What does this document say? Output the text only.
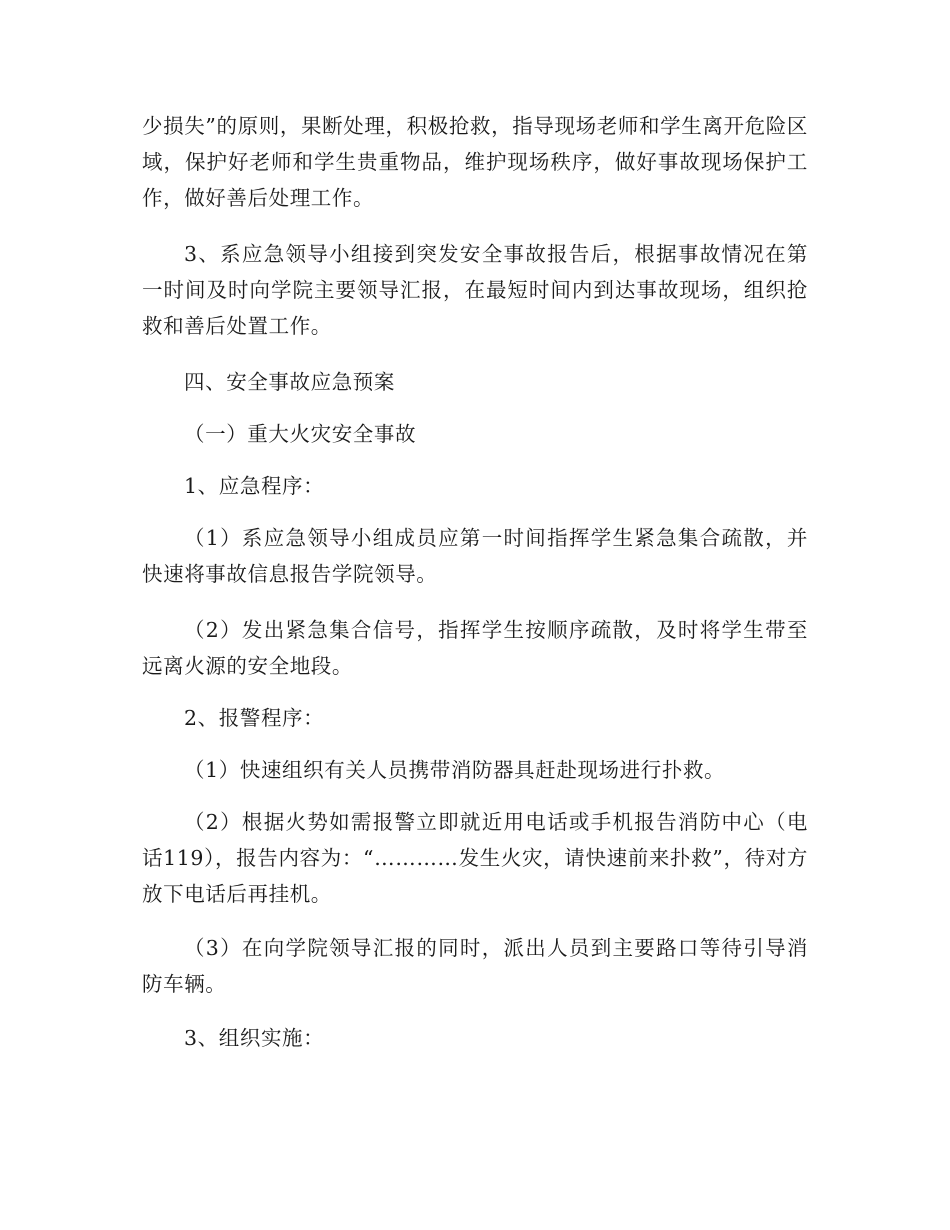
少损失”的原则，果断处理，积极抢救，指导现场老师和学生离开危险区域，保护好老师和学生贵重物品，维护现场秩序，做好事故现场保护工作，做好善后处理工作。

3、系应急领导小组接到突发安全事故报告后，根据事故情况在第一时间及时向学院主要领导汇报，在最短时间内到达事故现场，组织抢救和善后处置工作。

四、安全事故应急预案

（一）重大火灾安全事故

1、应急程序：

（1）系应急领导小组成员应第一时间指挥学生紧急集合疏散，并快速将事故信息报告学院领导。

（2）发出紧急集合信号，指挥学生按顺序疏散，及时将学生带至远离火源的安全地段。

2、报警程序：

（1）快速组织有关人员携带消防器具赶赴现场进行扑救。

（2）根据火势如需报警立即就近用电话或手机报告消防中心（电话119），报告内容为：“…………发生火灾，请快速前来扑救”，待对方放下电话后再挂机。

（3）在向学院领导汇报的同时，派出人员到主要路口等待引导消防车辆。

3、组织实施：
